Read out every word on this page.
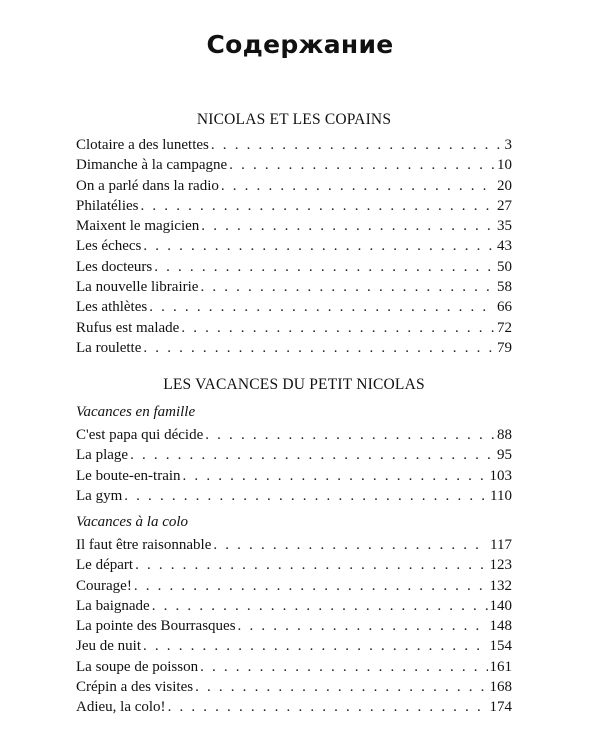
Содержание
NICOLAS ET LES COPAINS
Clotaire a des lunettes . . .	3
Dimanche à la campagne . . .	10
On a parlé dans la radio . . .	20
Philatélies . . .	27
Maixent le magicien . . .	35
Les échecs . . .	43
Les docteurs . . .	50
La nouvelle librairie . . .	58
Les athlètes . . .	66
Rufus est malade . . .	72
La roulette . . .	79
LES VACANCES DU PETIT NICOLAS
Vacances en famille
C'est papa qui décide . . .	88
La plage . . .	95
Le boute-en-train . . .	103
La gym . . .	110
Vacances à la colo
Il faut être raisonnable . . .	117
Le départ . . .	123
Courage! . . .	132
La baignade . . .	140
La pointe des Bourrasques . . .	148
Jeu de nuit . . .	154
La soupe de poisson . . .	161
Crépin a des visites . . .	168
Adieu, la colo! . . .	174
